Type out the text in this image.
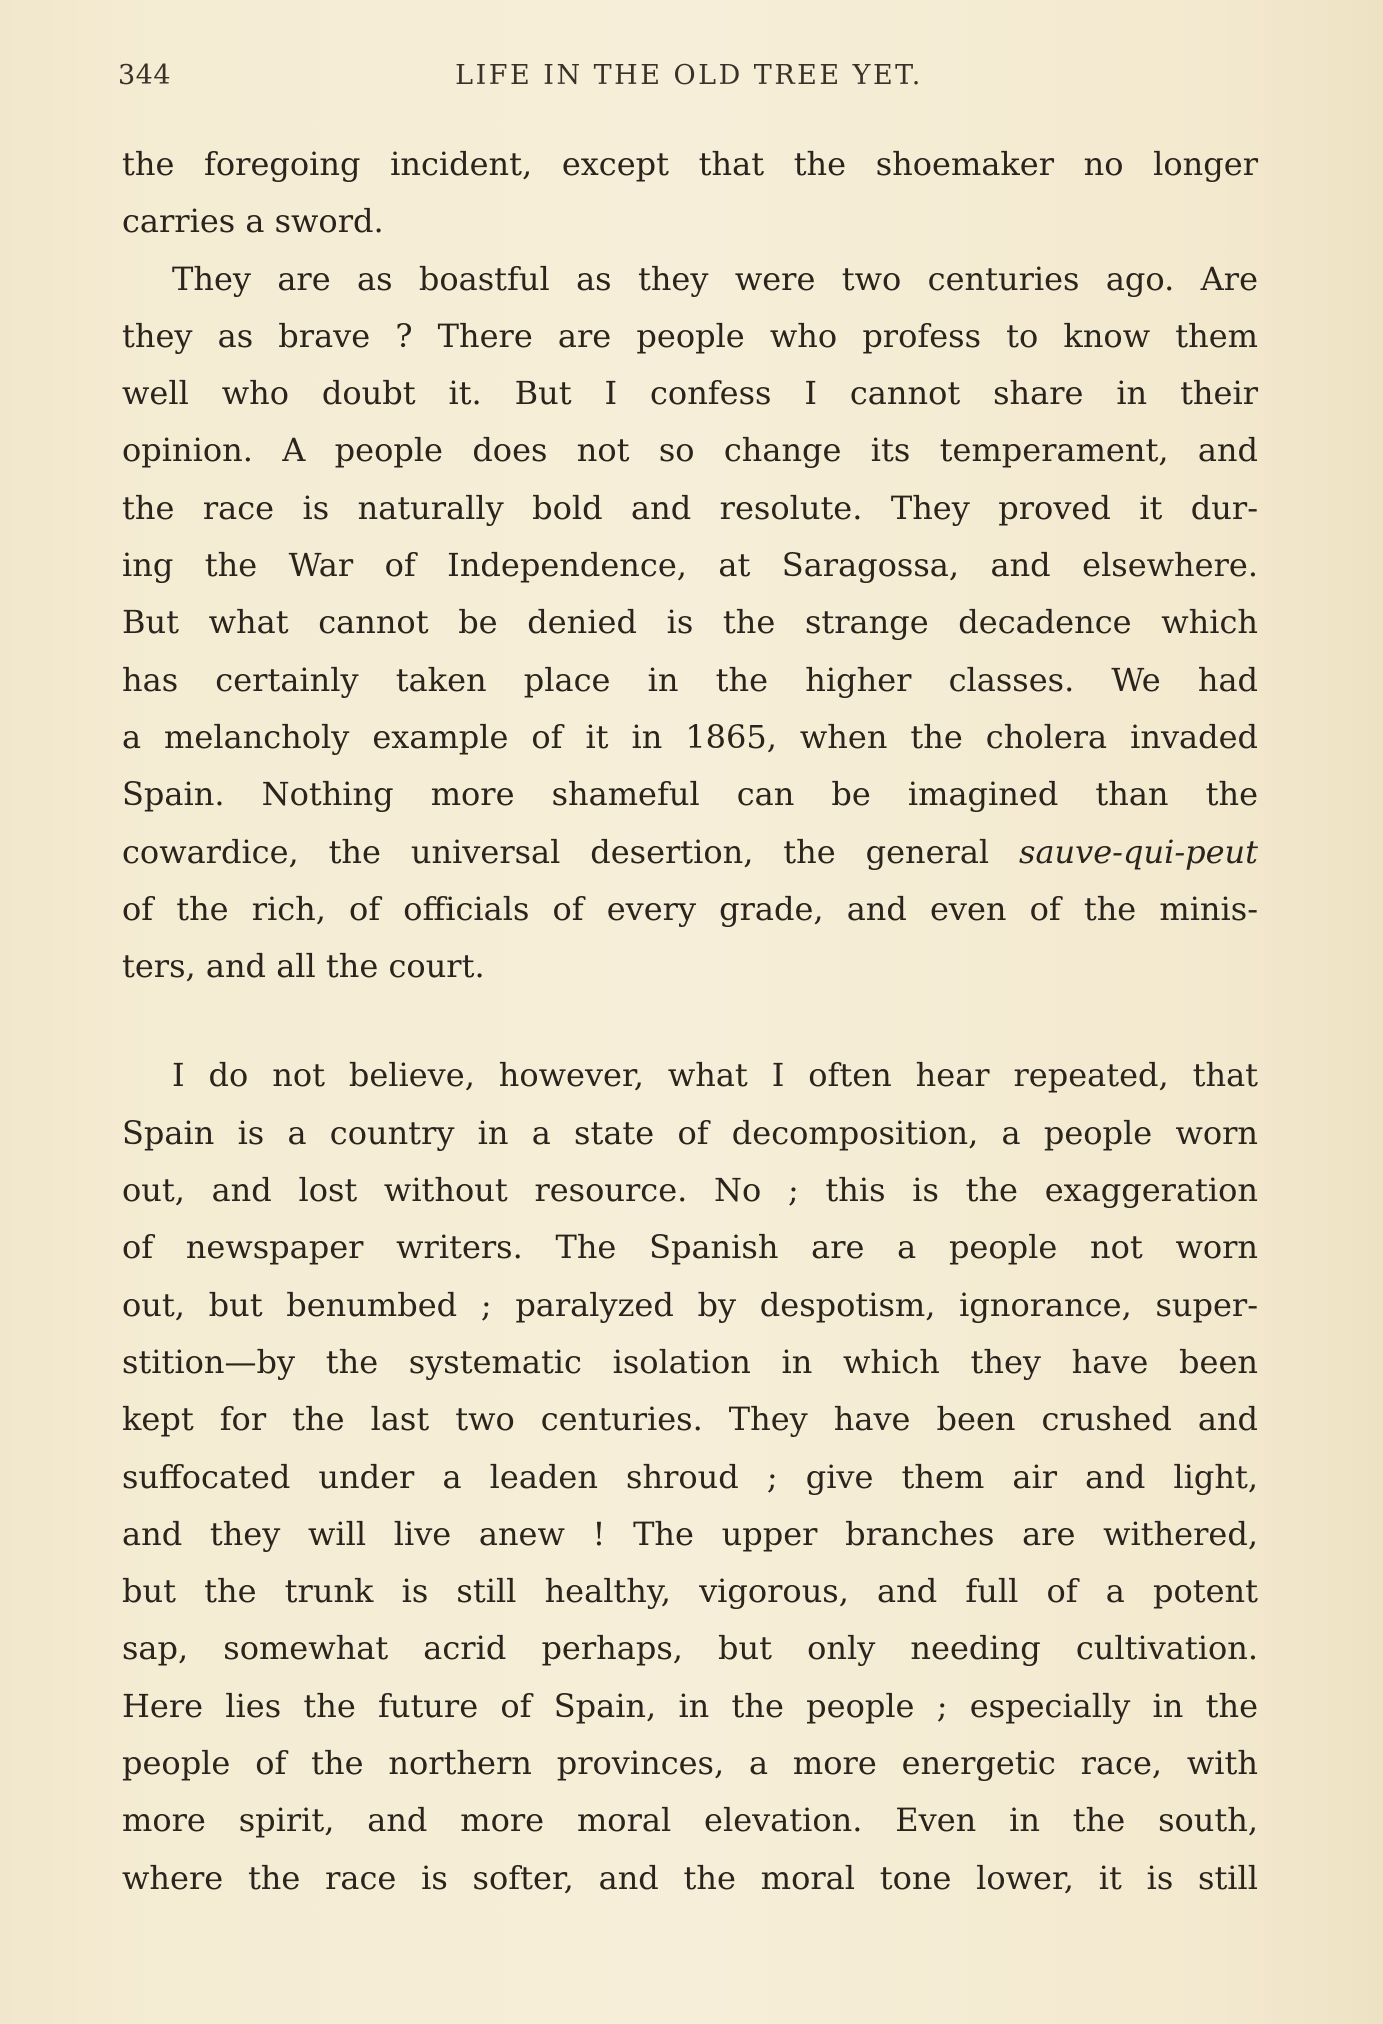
344	LIFE IN THE OLD TREE YET.
the foregoing incident, except that the shoemaker no longer
carries a sword.
They are as boastful as they were two centuries ago. Are
they as brave ? There are people who profess to know them
well who doubt it. But I confess I cannot share in their
opinion. A people does not so change its temperament, and
the race is naturally bold and resolute. They proved it dur-
ing the War of Independence, at Saragossa, and elsewhere.
But what cannot be denied is the strange decadence which
has certainly taken place in the higher classes. We had
a melancholy example of it in 1865, when the cholera invaded
Spain. Nothing more shameful can be imagined than the
cowardice, the universal desertion, the general sauve-qui-peut
of the rich, of officials of every grade, and even of the minis-
ters, and all the court.
I do not believe, however, what I often hear repeated, that
Spain is a country in a state of decomposition, a people worn
out, and lost without resource. No ; this is the exaggeration
of newspaper writers. The Spanish are a people not worn
out, but benumbed ; paralyzed by despotism, ignorance, super-
stition—by the systematic isolation in which they have been
kept for the last two centuries. They have been crushed and
suffocated under a leaden shroud ; give them air and light,
and they will live anew ! The upper branches are withered,
but the trunk is still healthy, vigorous, and full of a potent
sap, somewhat acrid perhaps, but only needing cultivation.
Here lies the future of Spain, in the people ; especially in the
people of the northern provinces, a more energetic race, with
more spirit, and more moral elevation. Even in the south,
where the race is softer, and the moral tone lower, it is still
